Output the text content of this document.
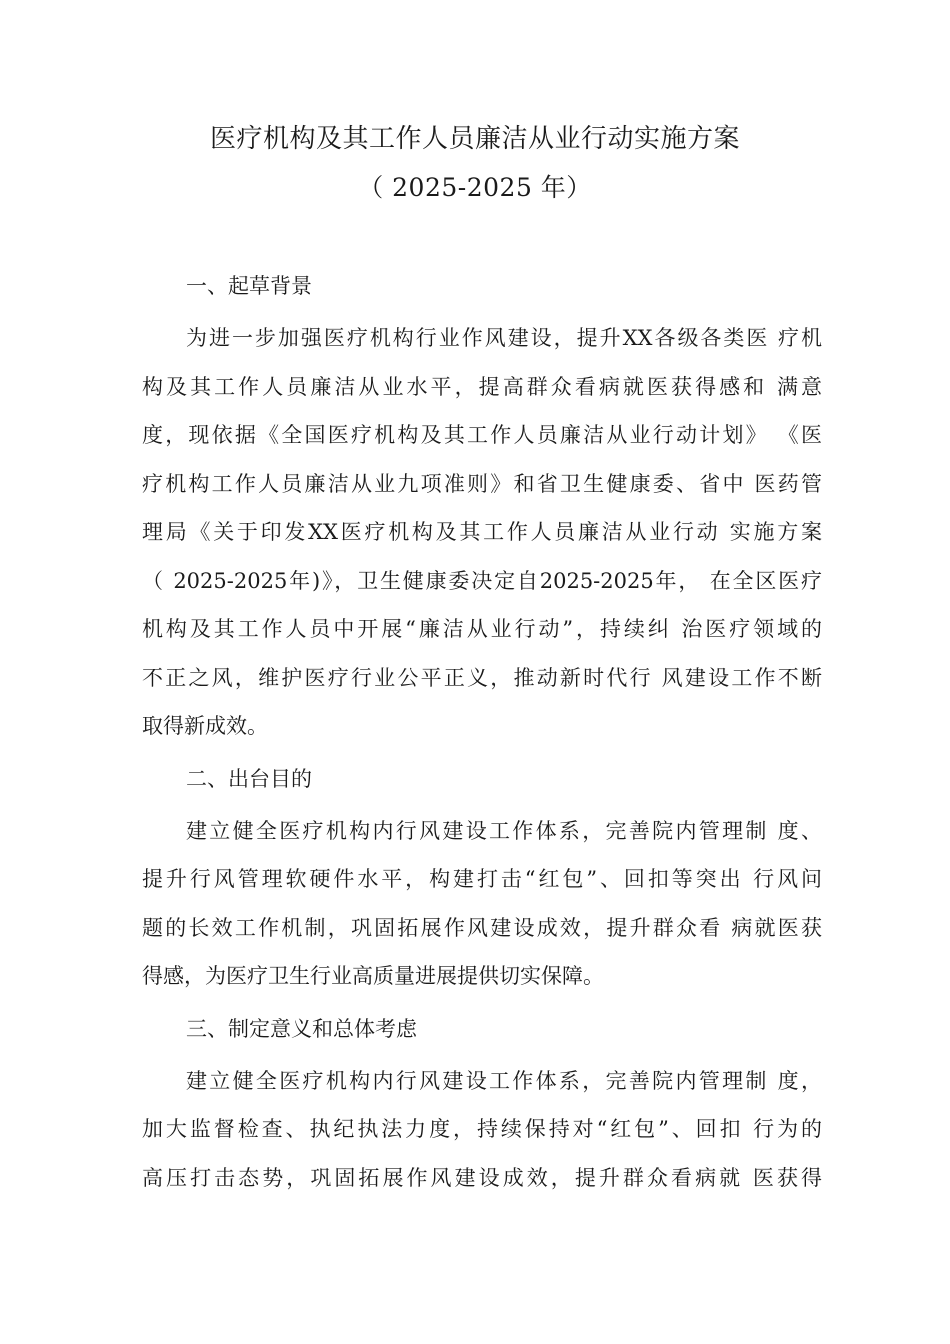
医疗机构及其工作人员廉洁从业行动实施方案
（ 2025-2025 年）
一、起草背景
为进一步加强医疗机构行业作风建设，提升XX各级各类医 疗机
构及其工作人员廉洁从业水平，提高群众看病就医获得感和 满意
度，现依据《全国医疗机构及其工作人员廉洁从业行动计划》 《医
疗机构工作人员廉洁从业九项准则》和省卫生健康委、省中 医药管
理局《关于印发XX医疗机构及其工作人员廉洁从业行动 实施方案
（ 2025-2025年)》，卫生健康委决定自2025-2025年， 在全区医疗
机构及其工作人员中开展“廉洁从业行动”，持续纠 治医疗领域的
不正之风，维护医疗行业公平正义，推动新时代行 风建设工作不断
取得新成效。
二、出台目的
建立健全医疗机构内行风建设工作体系，完善院内管理制 度、
提升行风管理软硬件水平，构建打击“红包”、回扣等突出 行风问
题的长效工作机制，巩固拓展作风建设成效，提升群众看 病就医获
得感，为医疗卫生行业高质量进展提供切实保障。
三、制定意义和总体考虑
建立健全医疗机构内行风建设工作体系，完善院内管理制 度，
加大监督检查、执纪执法力度，持续保持对“红包”、回扣 行为的
高压打击态势，巩固拓展作风建设成效，提升群众看病就 医获得
